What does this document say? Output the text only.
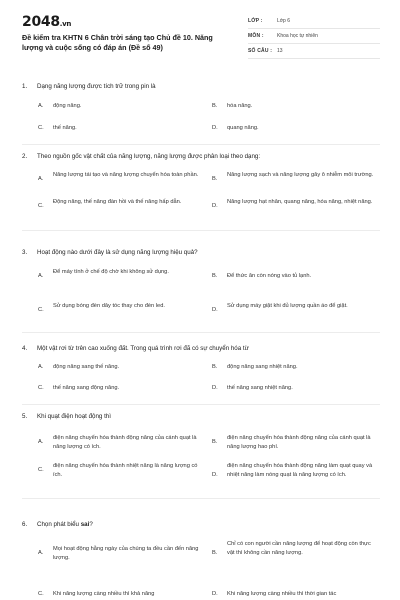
2048.vn
Đề kiểm tra KHTN 6 Chân trời sáng tạo Chủ đề 10. Năng lượng và cuộc sống có đáp án (Đề số 49)
LỚP :	Lớp 6
MÔN :	Khoa học tự nhiên
SỐ CÂU : 13
1.	Dạng năng lượng được tích trữ trong pin là
A.	động năng.	B.	hóa năng.
C.	thế năng.	D.	quang năng.
2.	Theo nguồn gốc vật chất của năng lượng, năng lượng được phân loại theo dạng:
A.
Năng lượng tái tạo và năng lượng chuyển hóa toàn phần.
B.
Năng lượng sạch và năng lượng gây ô nhiễm môi trường.
C.
Động năng, thế năng đàn hồi và thế năng hấp dẫn.
D.
Năng lượng hạt nhân, quang năng, hóa năng, nhiệt năng.
3.	Hoạt động nào dưới đây là sử dụng năng lượng hiệu quả?
A.
Để máy tính ở chế độ chờ khi không sử dụng.
B.	Để thức ăn còn nóng vào tủ lạnh.
C.
Sử dụng bóng đèn dây tóc thay cho đèn led.
D.
Sử dụng máy giặt khi đủ lượng quần áo để giặt.
4.	Một vật rơi từ trên cao xuống đất. Trong quá trình rơi đã có sự chuyển hóa từ
A.	động năng sang thế năng.	B.	động năng sang nhiệt năng.
C.	thế năng sang động năng.	D.	thế năng sang nhiệt năng.
5.	Khi quạt điện hoạt động thì
A.
điện năng chuyển hóa thành động năng của cánh quạt là năng lượng có ích.
B.
điện năng chuyển hóa thành động năng của cánh quạt là năng lượng hao phí.
C.
điện năng chuyển hóa thành nhiệt năng là năng lượng có ích.	D.
điện năng chuyển hóa thành động năng làm quạt quay và nhiệt năng làm nóng quạt là năng lượng có ích.
6.	Chọn phát biểu sai?
A.
Mọi hoạt động hằng ngày của chúng ta đều cần đến năng lượng.
B.
Chỉ có con người cần năng lượng để hoạt động còn thực vật thì không cần năng lượng.
C.	Khi năng lượng càng nhiều thì khả năng	D.	Khi năng lượng càng nhiều thì thời gian tác
